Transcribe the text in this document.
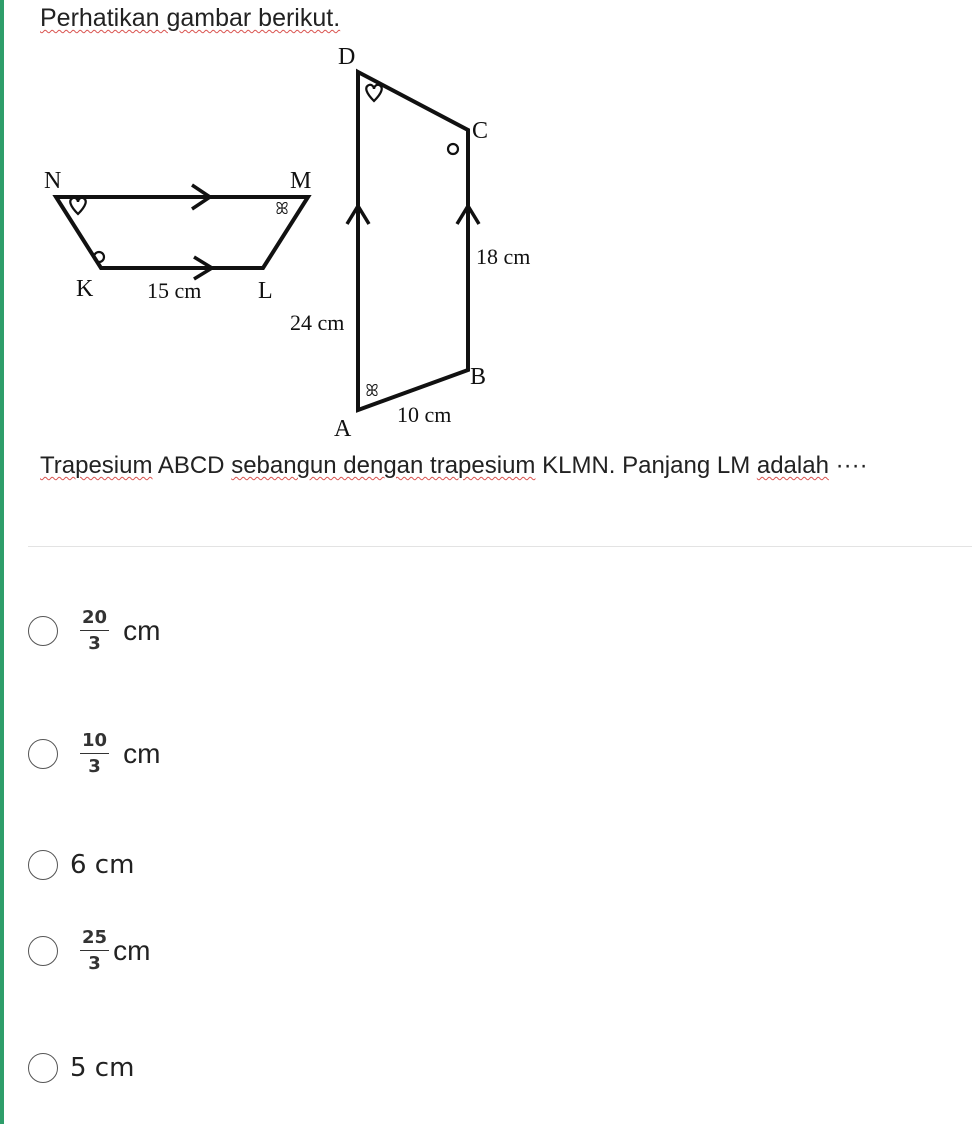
Perhatikan gambar berikut.
ꕤ
N	M
K	L
15 cm
ꕤ
D
C
B
A
18 cm
24 cm
10 cm
Trapesium ABCD sebangun dengan trapesium KLMN. Panjang LM adalah ····
$\frac{20}{3}$ cm
$\frac{10}{3}$ cm
6 cm
$\frac{25}{3}$ cm
5 cm
